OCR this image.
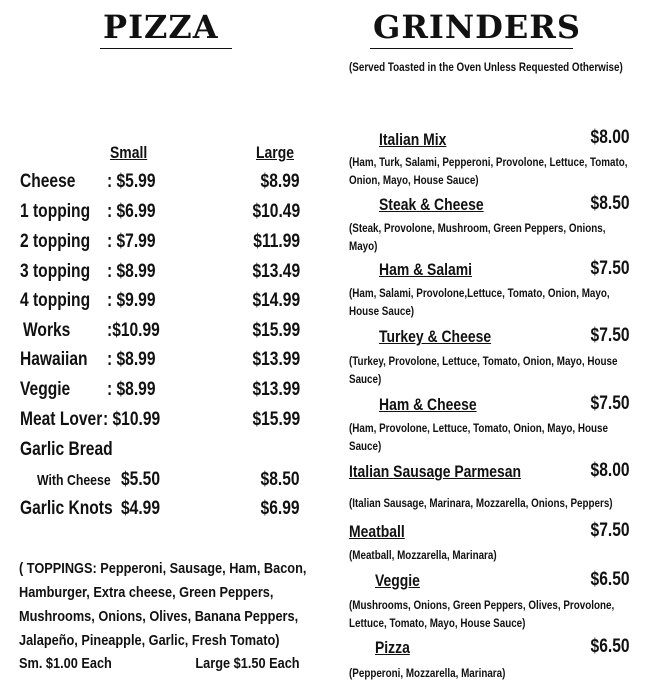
PIZZA
Small	Large
Cheese : $5.99	$8.99
1 topping : $6.99	$10.49
2 topping : $7.99	$11.99
3 topping : $8.99	$13.49
4 topping : $9.99	$14.99
Works :$10.99	$15.99
Hawaiian : $8.99	$13.99
Veggie : $8.99	$13.99
Meat Lover : $10.99	$15.99
Garlic Bread
With Cheese $5.50	$8.50
Garlic Knots $4.99	$6.99
( TOPPINGS: Pepperoni, Sausage, Ham, Bacon, Hamburger, Extra cheese, Green Peppers, Mushrooms, Onions, Olives, Banana Peppers, Jalapeño, Pineapple, Garlic, Fresh Tomato)
Sm. $1.00 Each	Large $1.50 Each
GRINDERS
(Served Toasted in the Oven Unless Requested Otherwise)
Italian Mix	$8.00
(Ham, Turk, Salami, Pepperoni, Provolone, Lettuce, Tomato, Onion, Mayo, House Sauce)
Steak & Cheese	$8.50
(Steak, Provolone, Mushroom, Green Peppers, Onions, Mayo)
Ham & Salami	$7.50
(Ham, Salami, Provolone,Lettuce, Tomato, Onion, Mayo, House Sauce)
Turkey & Cheese	$7.50
(Turkey, Provolone, Lettuce, Tomato, Onion, Mayo, House Sauce)
Ham & Cheese	$7.50
(Ham, Provolone, Lettuce, Tomato, Onion, Mayo, House Sauce)
Italian Sausage Parmesan	$8.00
(Italian Sausage, Marinara, Mozzarella, Onions, Peppers)
Meatball	$7.50
(Meatball, Mozzarella, Marinara)
Veggie	$6.50
(Mushrooms, Onions, Green Peppers, Olives, Provolone, Lettuce, Tomato, Mayo, House Sauce)
Pizza	$6.50
(Pepperoni, Mozzarella, Marinara)
